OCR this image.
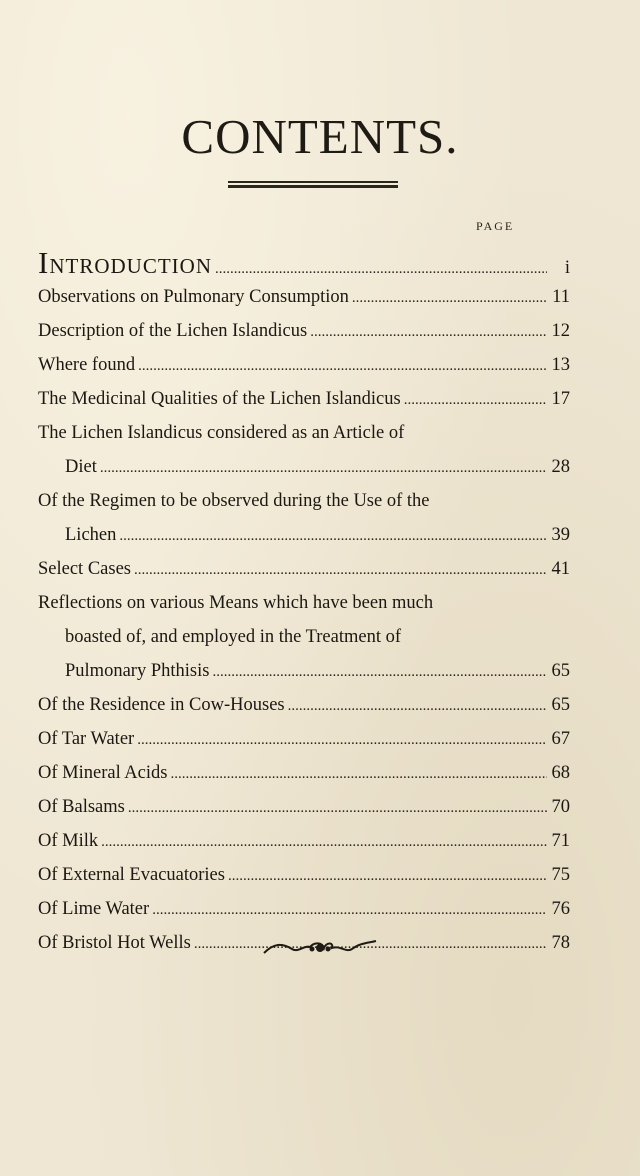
CONTENTS.
PAGE
INTRODUCTION .....	i
Observations on Pulmonary Consumption .....	11
Description of the Lichen Islandicus .....	12
Where found .....	13
The Medicinal Qualities of the Lichen Islandicus .....	17
The Lichen Islandicus considered as an Article of
Diet .....	28
Of the Regimen to be observed during the Use of the
Lichen .....	39
Select Cases .....	41
Reflections on various Means which have been much
boasted of, and employed in the Treatment of
Pulmonary Phthisis .....	65
Of the Residence in Cow-Houses .....	65
Of Tar Water .....	67
Of Mineral Acids .....	68
Of Balsams .....	70
Of Milk .....	71
Of External Evacuatories .....	75
Of Lime Water .....	76
Of Bristol Hot Wells .....	78
